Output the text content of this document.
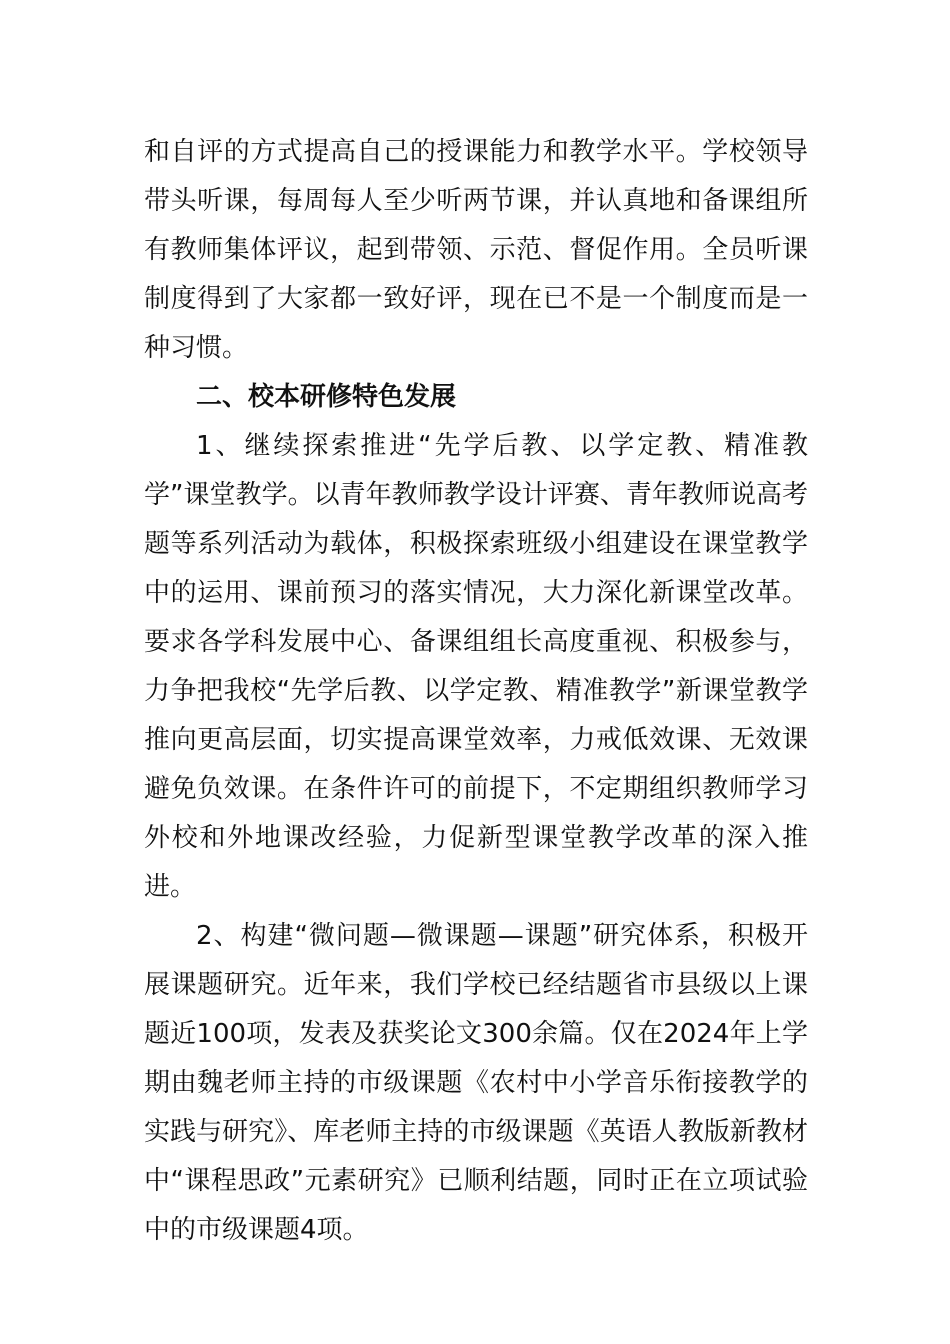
和自评的方式提高自己的授课能力和教学水平。学校领导带头听课，每周每人至少听两节课，并认真地和备课组所有教师集体评议，起到带领、示范、督促作用。全员听课制度得到了大家都一致好评，现在已不是一个制度而是一种习惯。

二、校本研修特色发展

1、继续探索推进“先学后教、以学定教、精准教学”课堂教学。以青年教师教学设计评赛、青年教师说高考题等系列活动为载体，积极探索班级小组建设在课堂教学中的运用、课前预习的落实情况，大力深化新课堂改革。要求各学科发展中心、备课组组长高度重视、积极参与，力争把我校“先学后教、以学定教、精准教学”新课堂教学推向更高层面，切实提高课堂效率，力戒低效课、无效课避免负效课。在条件许可的前提下，不定期组织教师学习外校和外地课改经验，力促新型课堂教学改革的深入推进。

2、构建“微问题—微课题—课题”研究体系，积极开展课题研究。近年来，我们学校已经结题省市县级以上课题近100项，发表及获奖论文300余篇。仅在2024年上学期由魏老师主持的市级课题《农村中小学音乐衔接教学的实践与研究》、库老师主持的市级课题《英语人教版新教材中“课程思政”元素研究》已顺利结题，同时正在立项试验中的市级课题4项。
